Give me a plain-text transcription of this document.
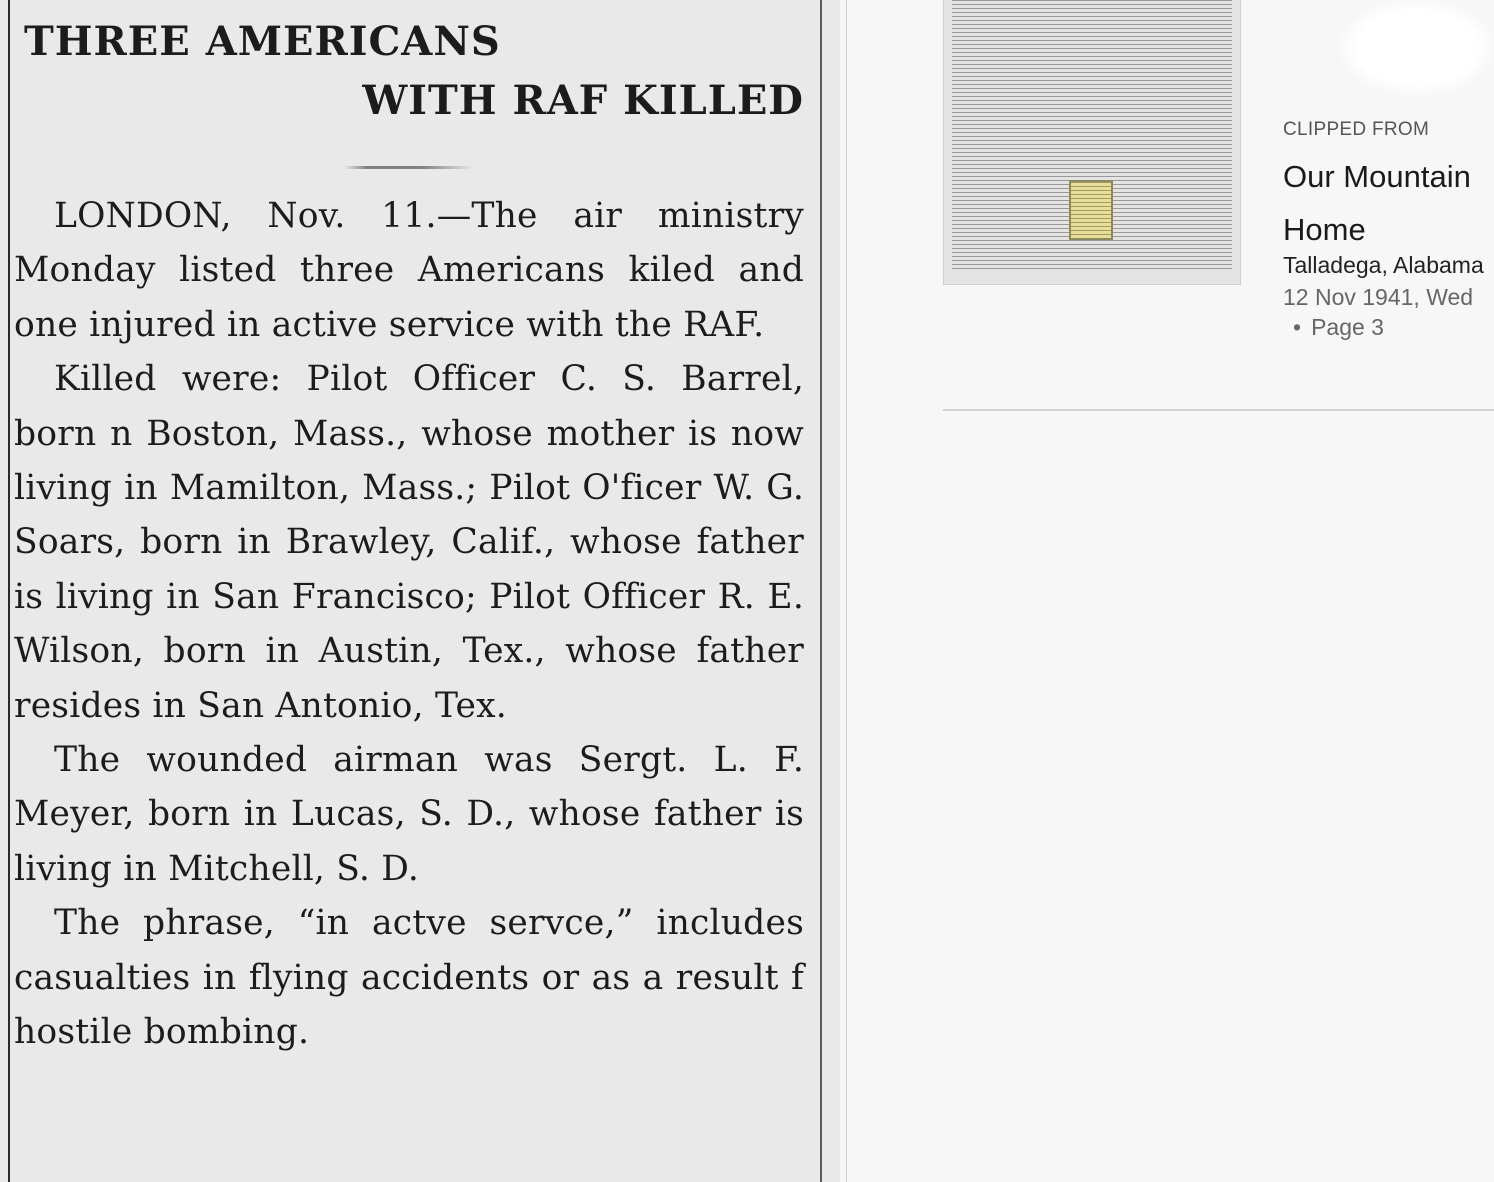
THREE AMERICANS
WITH RAF KILLED

LONDON, Nov. 11.—The air ministry Monday listed three Americans kiled and one injured in active service with the RAF.

Killed were: Pilot Officer C. S. Barrel, born n Boston, Mass., whose mother is now living in Mamilton, Mass.; Pilot O'ficer W. G. Soars, born in Brawley, Calif., whose father is living in San Francisco; Pilot Officer R. E. Wilson, born in Austin, Tex., whose father resides in San Antonio, Tex.

The wounded airman was Sergt. L. F. Meyer, born in Lucas, S. D., whose father is living in Mitchell, S. D.

The phrase, “in actve servce,” includes casualties in flying accidents or as a result f hostile bombing.

CLIPPED FROM
Our Mountain Home
Talladega, Alabama
12 Nov 1941, Wed• Page 3
